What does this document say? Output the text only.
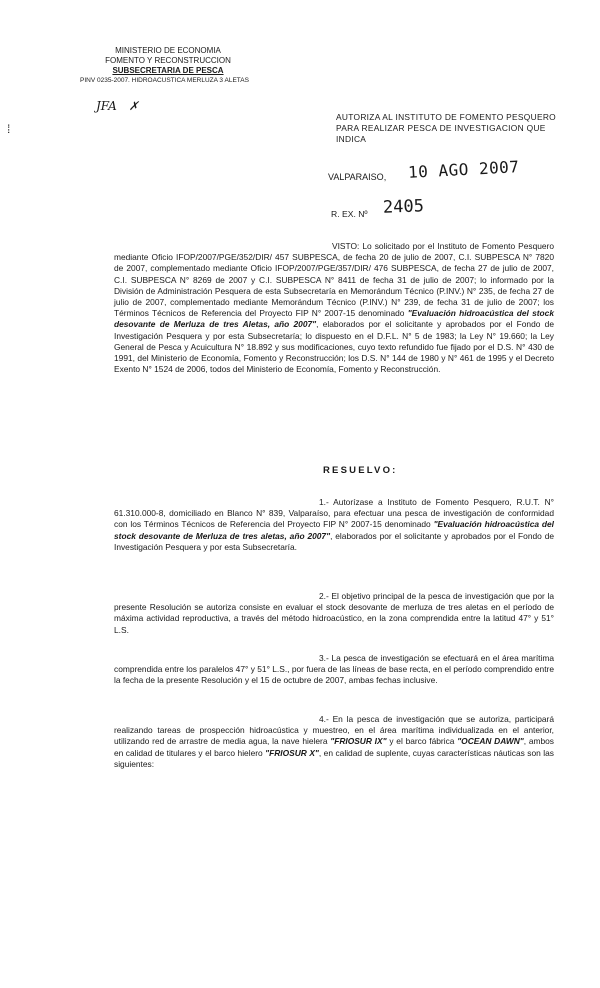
MINISTERIO DE ECONOMIA
FOMENTO Y RECONSTRUCCION
SUBSECRETARIA DE PESCA
PINV 0235-2007. HIDROACUSTICA MERLUZA 3 ALETAS
JFA ✗
⁞
AUTORIZA AL INSTITUTO DE FOMENTO PESQUERO PARA REALIZAR PESCA DE INVESTIGACION QUE INDICA
VALPARAISO, 10 AGO 2007
R. EX. Nº 2405

VISTO: Lo solicitado por el Instituto de Fomento Pesquero mediante Oficio IFOP/2007/PGE/352/DIR/ 457 SUBPESCA, de fecha 20 de julio de 2007, C.I. SUBPESCA N° 7820 de 2007, complementado mediante Oficio IFOP/2007/PGE/357/DIR/ 476 SUBPESCA, de fecha 27 de julio de 2007, C.I. SUBPESCA N° 8269 de 2007 y C.I. SUBPESCA N° 8411 de fecha 31 de julio de 2007; lo informado por la División de Administración Pesquera de esta Subsecretaría en Memorándum Técnico (P.INV.) N° 235, de fecha 27 de julio de 2007, complementado mediante Memorándum Técnico (P.INV.) N° 239, de fecha 31 de julio de 2007; los Términos Técnicos de Referencia del Proyecto FIP N° 2007-15 denominado "Evaluación hidroacústica del stock desovante de Merluza de tres Aletas, año 2007", elaborados por el solicitante y aprobados por el Fondo de Investigación Pesquera y por esta Subsecretaría; lo dispuesto en el D.F.L. N° 5 de 1983; la Ley N° 19.660; la Ley General de Pesca y Acuicultura N° 18.892 y sus modificaciones, cuyo texto refundido fue fijado por el D.S. N° 430 de 1991, del Ministerio de Economía, Fomento y Reconstrucción; los D.S. N° 144 de 1980 y N° 461 de 1995 y el Decreto Exento N° 1524 de 2006, todos del Ministerio de Economía, Fomento y Reconstrucción.

RESUELVO:

1.- Autorízase a Instituto de Fomento Pesquero, R.U.T. N° 61.310.000-8, domiciliado en Blanco N° 839, Valparaíso, para efectuar una pesca de investigación de conformidad con los Términos Técnicos de Referencia del Proyecto FIP N° 2007-15 denominado "Evaluación hidroacústica del stock desovante de Merluza de tres aletas, año 2007", elaborados por el solicitante y aprobados por el Fondo de Investigación Pesquera y por esta Subsecretaría.

2.- El objetivo principal de la pesca de investigación que por la presente Resolución se autoriza consiste en evaluar el stock desovante de merluza de tres aletas en el período de máxima actividad reproductiva, a través del método hidroacústico, en la zona comprendida entre la latitud 47° y 51° L.S.

3.- La pesca de investigación se efectuará en el área marítima comprendida entre los paralelos 47° y 51° L.S., por fuera de las líneas de base recta, en el período comprendido entre la fecha de la presente Resolución y el 15 de octubre de 2007, ambas fechas inclusive.

4.- En la pesca de investigación que se autoriza, participará realizando tareas de prospección hidroacústica y muestreo, en el área marítima individualizada en el anterior, utilizando red de arrastre de media agua, la nave hielera "FRIOSUR IX" y el barco fábrica "OCEAN DAWN", ambos en calidad de titulares y el barco hielero "FRIOSUR X", en calidad de suplente, cuyas características náuticas son las siguientes:
